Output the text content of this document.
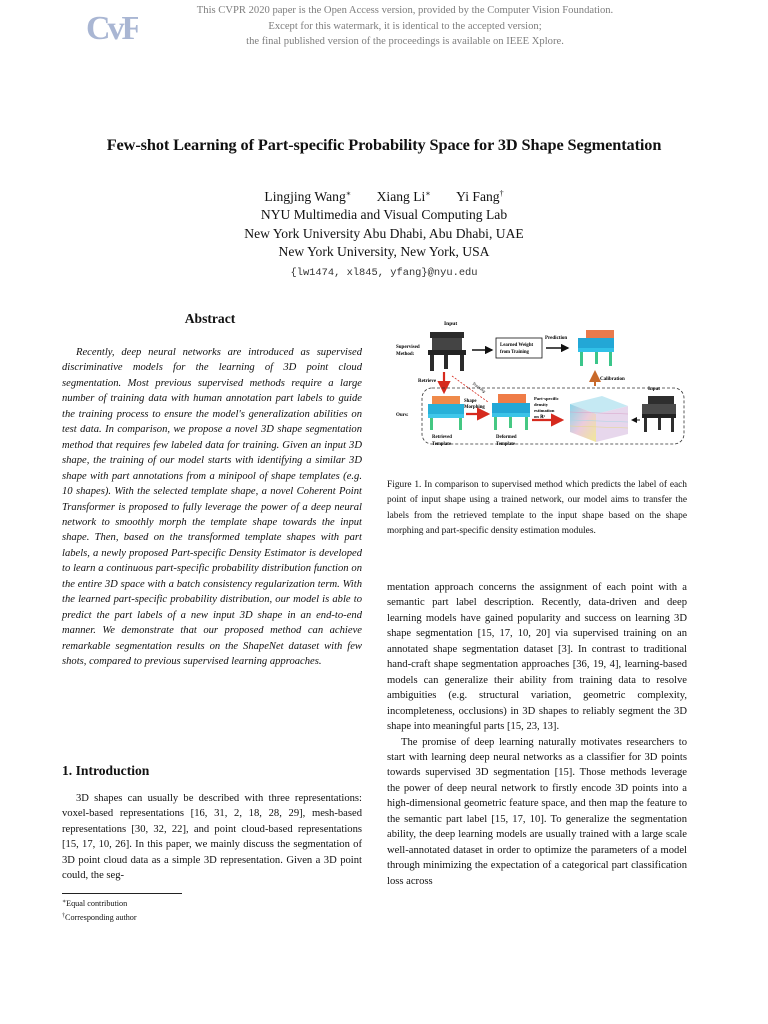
CvF	This CVPR 2020 paper is the Open Access version, provided by the Computer Vision Foundation.
Except for this watermark, it is identical to the accepted version;
the final published version of the proceedings is available on IEEE Xplore.
Few-shot Learning of Part-specific Probability Space for 3D Shape Segmentation
Lingjing Wang∗ Xiang Li∗ Yi Fang†
NYU Multimedia and Visual Computing Lab
New York University Abu Dhabi, Abu Dhabi, UAE
New York University, New York, USA
{lw1474, xl845, yfang}@nyu.edu
Abstract

Recently, deep neural networks are introduced as supervised discriminative models for the learning of 3D point cloud segmentation. Most previous supervised methods require a large number of training data with human annotation part labels to guide the training process to ensure the model's generalization abilities on test data. In comparison, we propose a novel 3D shape segmentation method that requires few labeled data for training. Given an input 3D shape, the training of our model starts with identifying a similar 3D shape with part annotations from a minipool of shape templates (e.g. 10 shapes). With the selected template shape, a novel Coherent Point Transformer is proposed to fully leverage the power of a deep neural network to smoothly morph the template shape towards the input shape. Then, based on the transformed template shapes with part labels, a newly proposed Part-specific Density Estimator is developed to learn a continuous part-specific probability distribution function on the entire 3D space with a batch consistency regularization term. With the learned part-specific probability distribution, our model is able to predict the part labels of a new input 3D shape in an end-to-end manner. We demonstrate that our proposed method can achieve remarkable segmentation results on the ShapeNet dataset with few shots, compared to previous supervised learning approaches.

1. Introduction

3D shapes can usually be described with three representations: voxel-based representations [16, 31, 2, 18, 28, 29], mesh-based representations [30, 32, 22], and point cloud-based representations [15, 17, 10, 26]. In this paper, we mainly discuss the segmentation of 3D point cloud data as a simple 3D representation. Given a 3D point could, the seg-

∗Equal contribution
†Corresponding author
Input
Supervised
Method:
Learned Weight
from Training
Prediction
Retrieve	Training
Calibration
Ours:
Retrieved
Template
Shape
Morphing
Deformed
Template
Part-specific
density
estimation
on ℝ³
Input

Figure 1. In comparison to supervised method which predicts the label of each point of input shape using a trained network, our model aims to transfer the labels from the retrieved template to the input shape based on the shape morphing and part-specific density estimation modules.

mentation approach concerns the assignment of each point with a semantic part label description. Recently, data-driven and deep learning models have gained popularity and success on learning 3D shape segmentation [15, 17, 10, 20] via supervised training on an annotated shape segmentation dataset [3]. In contrast to traditional hand-craft shape segmentation approaches [36, 19, 4], learning-based models can generalize their ability from training data to resolve ambiguities (e.g. structural variation, geometric complexity, incompleteness, occlusions) in 3D shapes to reliably segment the 3D shape into meaningful parts [15, 23, 13].

The promise of deep learning naturally motivates researchers to start with learning deep neural networks as a classifier for 3D points towards supervised 3D segmentation [15]. Those methods leverage the power of deep neural network to firstly encode 3D points into a high-dimensional geometric feature space, and then map the feature to the semantic part label [15, 17, 10]. To generalize the segmentation ability, the deep learning models are usually trained with a large scale well-annotated dataset in order to optimize the parameters of a model through minimizing the expectation of a categorical part classification loss across
